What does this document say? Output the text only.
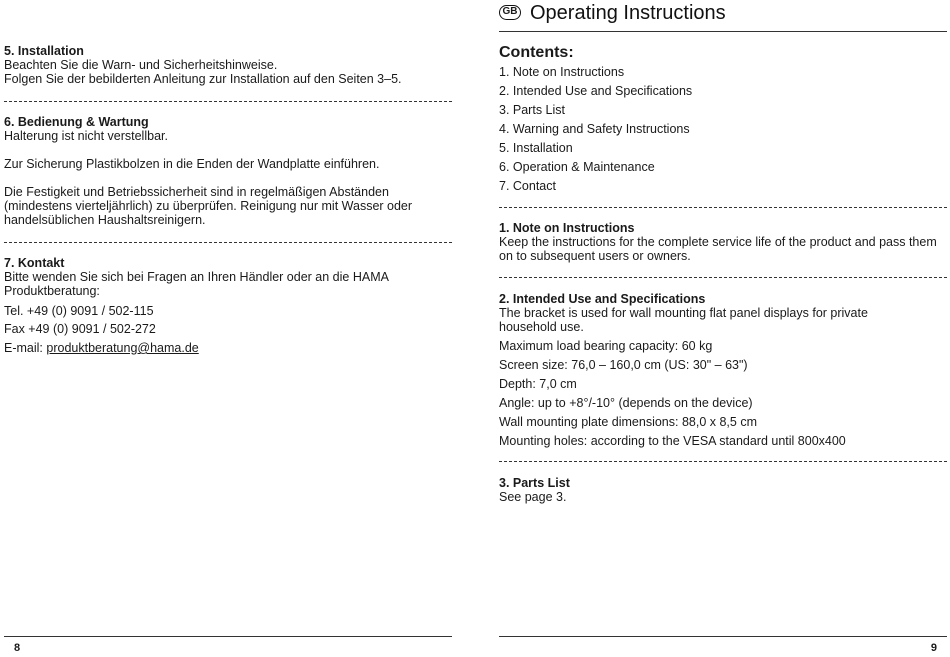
5. Installation
Beachten Sie die Warn- und Sicherheitshinweise.
Folgen Sie der bebilderten Anleitung zur Installation auf den Seiten 3–5.
6. Bedienung & Wartung
Halterung ist nicht verstellbar.
Zur Sicherung Plastikbolzen in die Enden der Wandplatte einführen.
Die Festigkeit und Betriebssicherheit sind in regelmäßigen Abständen (mindestens vierteljährlich) zu überprüfen. Reinigung nur mit Wasser oder handelsüblichen Haushaltsreinigern.
7. Kontakt
Bitte wenden Sie sich bei Fragen an Ihren Händler oder an die HAMA Produktberatung:
Tel. +49 (0) 9091 / 502-115
Fax +49 (0) 9091 / 502-272
E-mail: produktberatung@hama.de
8
GB Operating Instructions
Contents:
1. Note on Instructions
2. Intended Use and Specifications
3. Parts List
4. Warning and Safety Instructions
5. Installation
6. Operation & Maintenance
7. Contact
1. Note on Instructions
Keep the instructions for the complete service life of the product and pass them on to subsequent users or owners.
2. Intended Use and Specifications
The bracket is used for wall mounting flat panel displays for private household use.
Maximum load bearing capacity: 60 kg
Screen size: 76,0 – 160,0 cm (US: 30" – 63")
Depth: 7,0 cm
Angle: up to +8°/-10° (depends on the device)
Wall mounting plate dimensions: 88,0 x 8,5 cm
Mounting holes: according to the VESA standard until 800x400
3. Parts List
See page 3.
9
